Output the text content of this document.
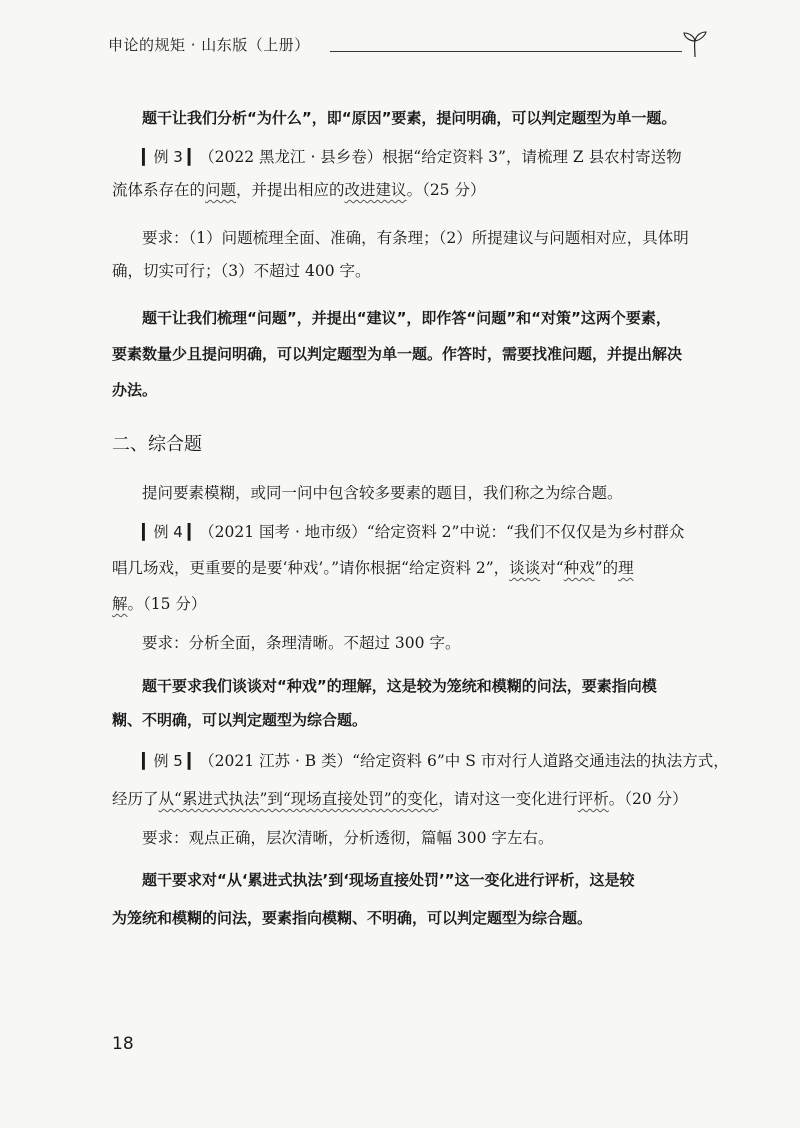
申论的规矩 · 山东版（上册）
题干让我们分析“为什么”，即“原因”要素，提问明确，可以判定题型为单一题。
▎例 3 ▎（2022 黑龙江 · 县乡卷）根据“给定资料 3”，请梳理 Z 县农村寄送物
流体系存在的问题，并提出相应的改进建议。（25 分）
要求：（1）问题梳理全面、准确，有条理；（2）所提建议与问题相对应，具体明
确，切实可行；（3）不超过 400 字。
题干让我们梳理“问题”，并提出“建议”，即作答“问题”和“对策”这两个要素，
要素数量少且提问明确，可以判定题型为单一题。作答时，需要找准问题，并提出解决
办法。
二、综合题
提问要素模糊，或同一问中包含较多要素的题目，我们称之为综合题。
▎例 4 ▎（2021 国考 · 地市级）“给定资料 2”中说：“我们不仅仅是为乡村群众
唱几场戏，更重要的是要‘种戏’。”请你根据“给定资料 2”，谈谈对“种戏”的理
解。（15 分）
要求：分析全面，条理清晰。不超过 300 字。
题干要求我们谈谈对“种戏”的理解，这是较为笼统和模糊的问法，要素指向模
糊、不明确，可以判定题型为综合题。
▎例 5 ▎（2021 江苏 · B 类）“给定资料 6”中 S 市对行人道路交通违法的执法方式，
经历了从“累进式执法”到“现场直接处罚”的变化，请对这一变化进行评析。（20 分）
要求：观点正确，层次清晰，分析透彻，篇幅 300 字左右。
题干要求对“从‘累进式执法’到‘现场直接处罚’”这一变化进行评析，这是较
为笼统和模糊的问法，要素指向模糊、不明确，可以判定题型为综合题。
18
